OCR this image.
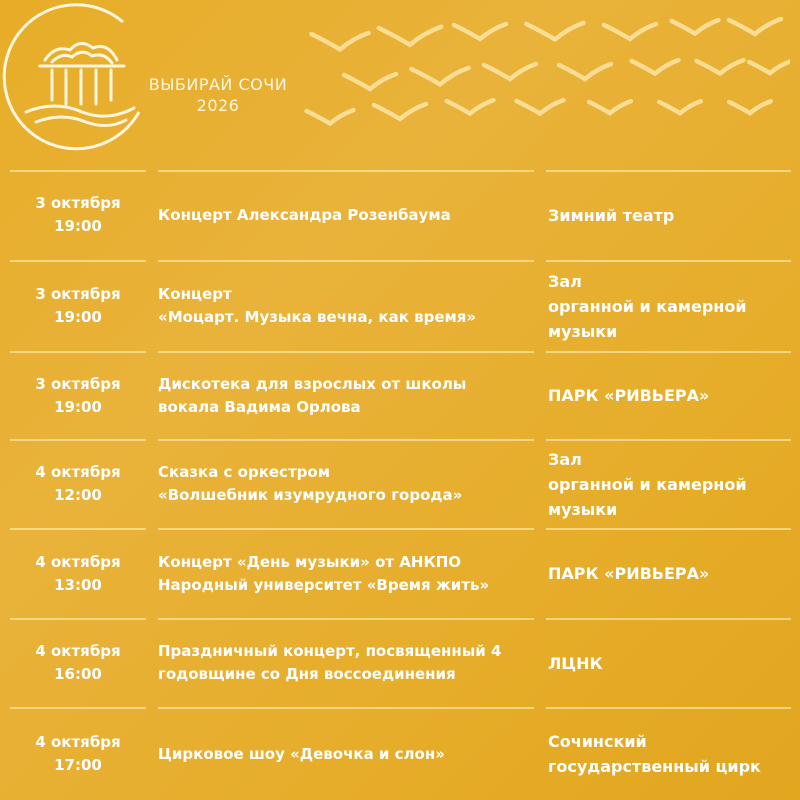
ВЫБИРАЙ СОЧИ
2026
3 октября
19:00
Концерт Александра Розенбаума	Зимний театр
3 октября
19:00
Концерт
«Моцарт. Музыка вечна, как время»
Зал
органной и камерной
музыки
3 октября
19:00
Дискотека для взрослых от школы
вокала Вадима Орлова
ПАРК «РИВЬЕРА»
4 октября
12:00
Сказка с оркестром
«Волшебник изумрудного города»
Зал
органной и камерной
музыки
4 октября
13:00
Концерт «День музыки» от АНКПО
Народный университет «Время жить»
ПАРК «РИВЬЕРА»
4 октября
16:00
Праздничный концерт, посвященный 4
годовщине со Дня воссоединения
ЛЦНК
4 октября
17:00
Цирковое шоу «Девочка и слон»
Сочинский
государственный цирк
